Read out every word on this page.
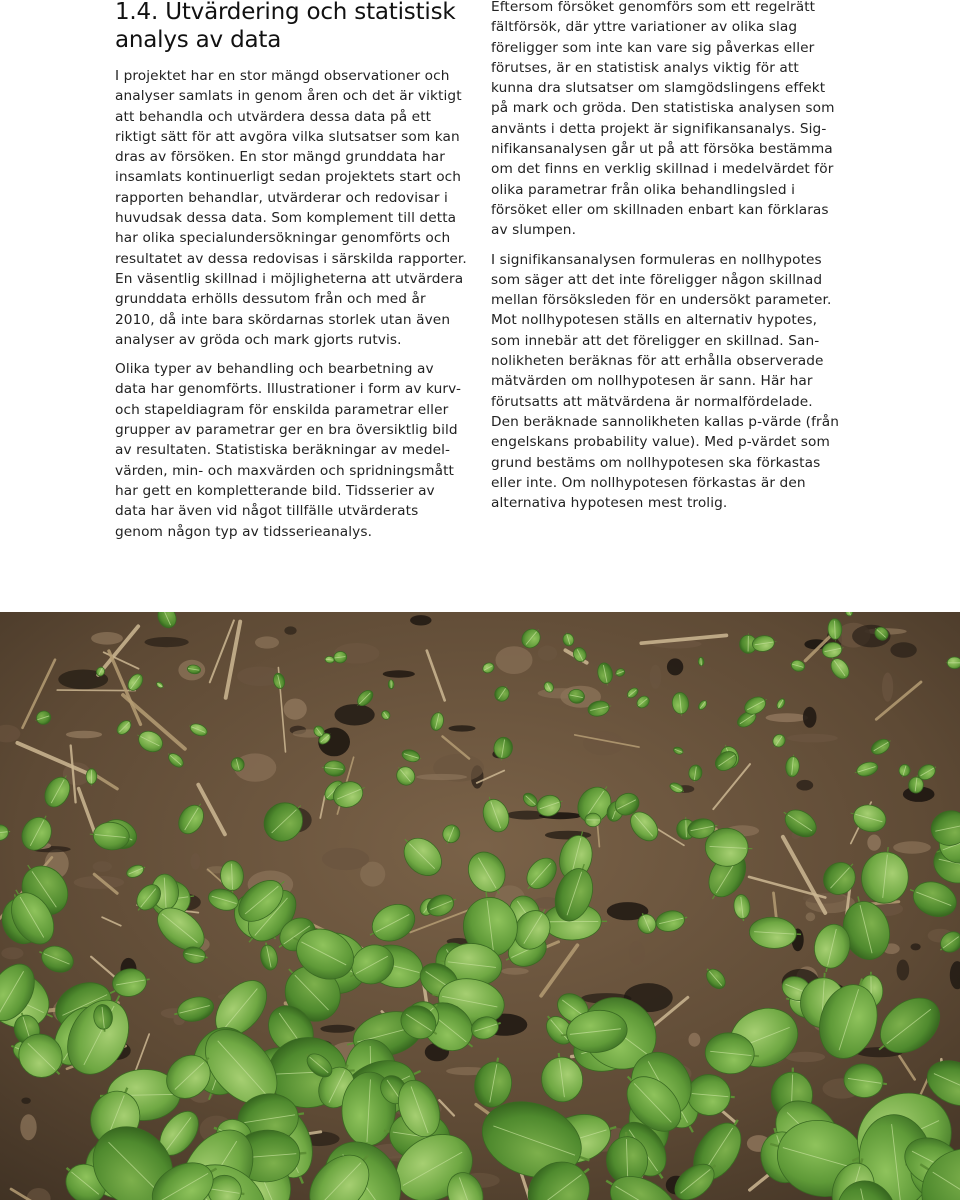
1.4. Utvärdering och statistisk analys av data

I projektet har en stor mängd observationer och analyser samlats in genom åren och det är viktigt att behandla och utvärdera dessa data på ett riktigt sätt för att avgöra vilka slutsatser som kan dras av försöken. En stor mängd grunddata har insamlats kontinuerligt sedan projektets start och rapporten behandlar, utvärderar och redovisar i huvudsak dessa data. Som komplement till detta har olika specialundersökningar genomförts och resultatet av dessa redovisas i särskilda rapporter. En väsentlig skillnad i möjligheterna att utvärdera grunddata erhölls dessutom från och med år 2010, då inte bara skördarnas storlek utan även analyser av gröda och mark gjorts rutvis.

Olika typer av behandling och bearbetning av data har genomförts. Illustrationer i form av kurv- och stapeldiagram för enskilda parametrar eller grupper av parametrar ger en bra översiktlig bild av resultaten. Statistiska beräkningar av medelvärden, min- och maxvärden och spridningsmått har gett en kompletterande bild. Tidsserier av data har även vid något tillfälle utvärderats genom någon typ av tidsserieanalys.

Eftersom försöket genomförs som ett regelrätt fältförsök, där yttre variationer av olika slag föreligger som inte kan vare sig påverkas eller förutses, är en statistisk analys viktig för att kunna dra slutsatser om slamgödslingens effekt på mark och gröda. Den statistiska analysen som använts i detta projekt är signifikansanalys. Signifikansanalysen går ut på att försöka bestämma om det finns en verklig skillnad i medelvärdet för olika parametrar från olika behandlingsled i försöket eller om skillnaden enbart kan förklaras av slumpen.

I signifikansanalysen formuleras en nollhypotes som säger att det inte föreligger någon skillnad mellan försöksleden för en undersökt parameter. Mot nollhypotesen ställs en alternativ hypotes, som innebär att det föreligger en skillnad. Sannolikheten beräknas för att erhålla observerade mätvärden om nollhypotesen är sann. Här har förutsatts att mätvärdena är normalfördelade. Den beräknade sannolikheten kallas p-värde (från engelskans probability value). Med p-värdet som grund bestäms om nollhypotesen ska förkastas eller inte. Om nollhypotesen förkastas är den alternativa hypotesen mest trolig.
